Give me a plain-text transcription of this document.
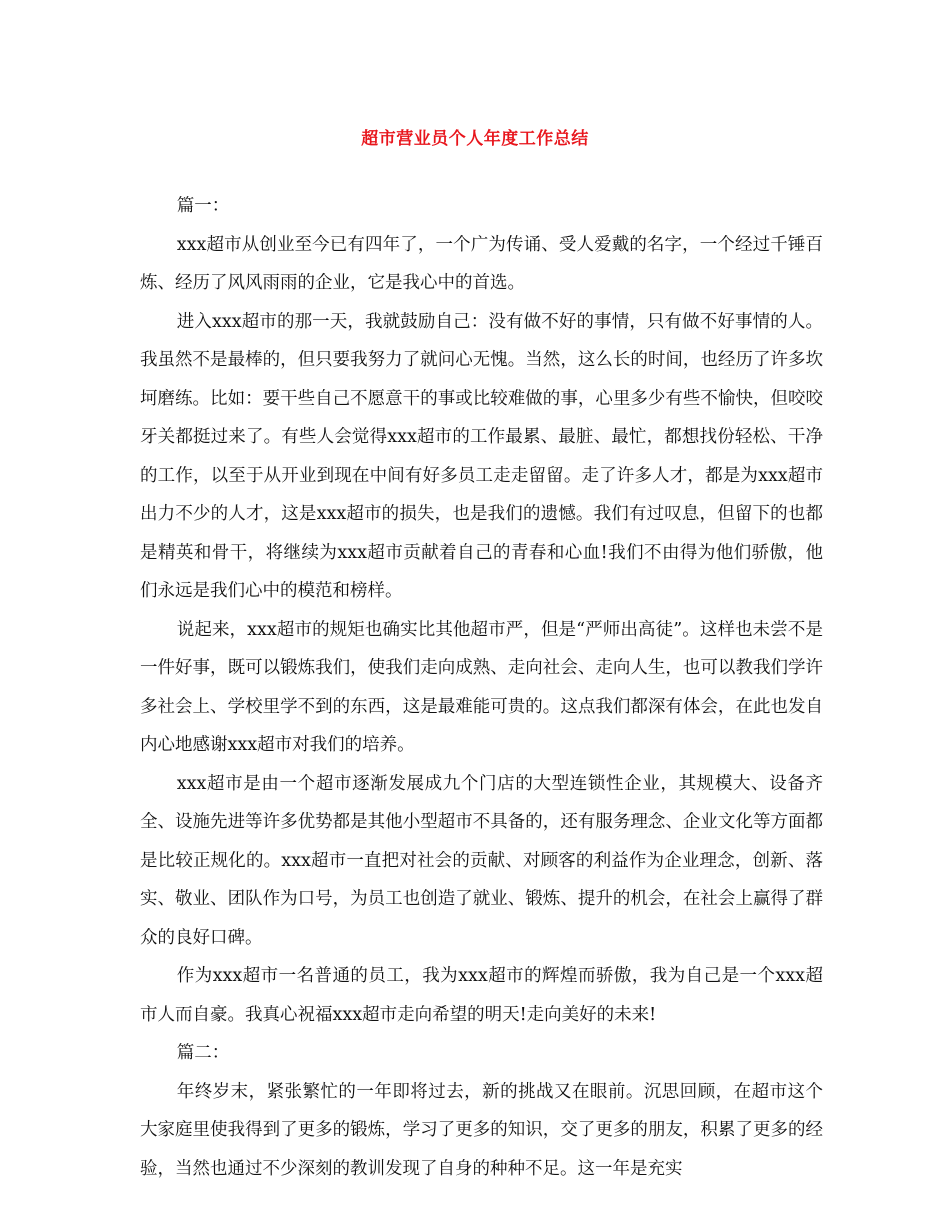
超市营业员个人年度工作总结

篇一：

xxx超市从创业至今已有四年了，一个广为传诵、受人爱戴的名字，一个经过千锤百炼、经历了风风雨雨的企业，它是我心中的首选。

进入xxx超市的那一天，我就鼓励自己：没有做不好的事情，只有做不好事情的人。我虽然不是最棒的，但只要我努力了就问心无愧。当然，这么长的时间，也经历了许多坎坷磨练。比如：要干些自己不愿意干的事或比较难做的事，心里多少有些不愉快，但咬咬牙关都挺过来了。有些人会觉得xxx超市的工作最累、最脏、最忙，都想找份轻松、干净的工作，以至于从开业到现在中间有好多员工走走留留。走了许多人才，都是为xxx超市出力不少的人才，这是xxx超市的损失，也是我们的遗憾。我们有过叹息，但留下的也都是精英和骨干，将继续为xxx超市贡献着自己的青春和心血!我们不由得为他们骄傲，他们永远是我们心中的模范和榜样。

说起来，xxx超市的规矩也确实比其他超市严，但是“严师出高徒”。这样也未尝不是一件好事，既可以锻炼我们，使我们走向成熟、走向社会、走向人生，也可以教我们学许多社会上、学校里学不到的东西，这是最难能可贵的。这点我们都深有体会，在此也发自内心地感谢xxx超市对我们的培养。

xxx超市是由一个超市逐渐发展成九个门店的大型连锁性企业，其规模大、设备齐全、设施先进等许多优势都是其他小型超市不具备的，还有服务理念、企业文化等方面都是比较正规化的。xxx超市一直把对社会的贡献、对顾客的利益作为企业理念，创新、落实、敬业、团队作为口号，为员工也创造了就业、锻炼、提升的机会，在社会上赢得了群众的良好口碑。

作为xxx超市一名普通的员工，我为xxx超市的辉煌而骄傲，我为自己是一个xxx超市人而自豪。我真心祝福xxx超市走向希望的明天!走向美好的未来!

篇二：

年终岁末，紧张繁忙的一年即将过去，新的挑战又在眼前。沉思回顾，在超市这个大家庭里使我得到了更多的锻炼，学习了更多的知识，交了更多的朋友，积累了更多的经验，当然也通过不少深刻的教训发现了自身的种种不足。这一年是充实
